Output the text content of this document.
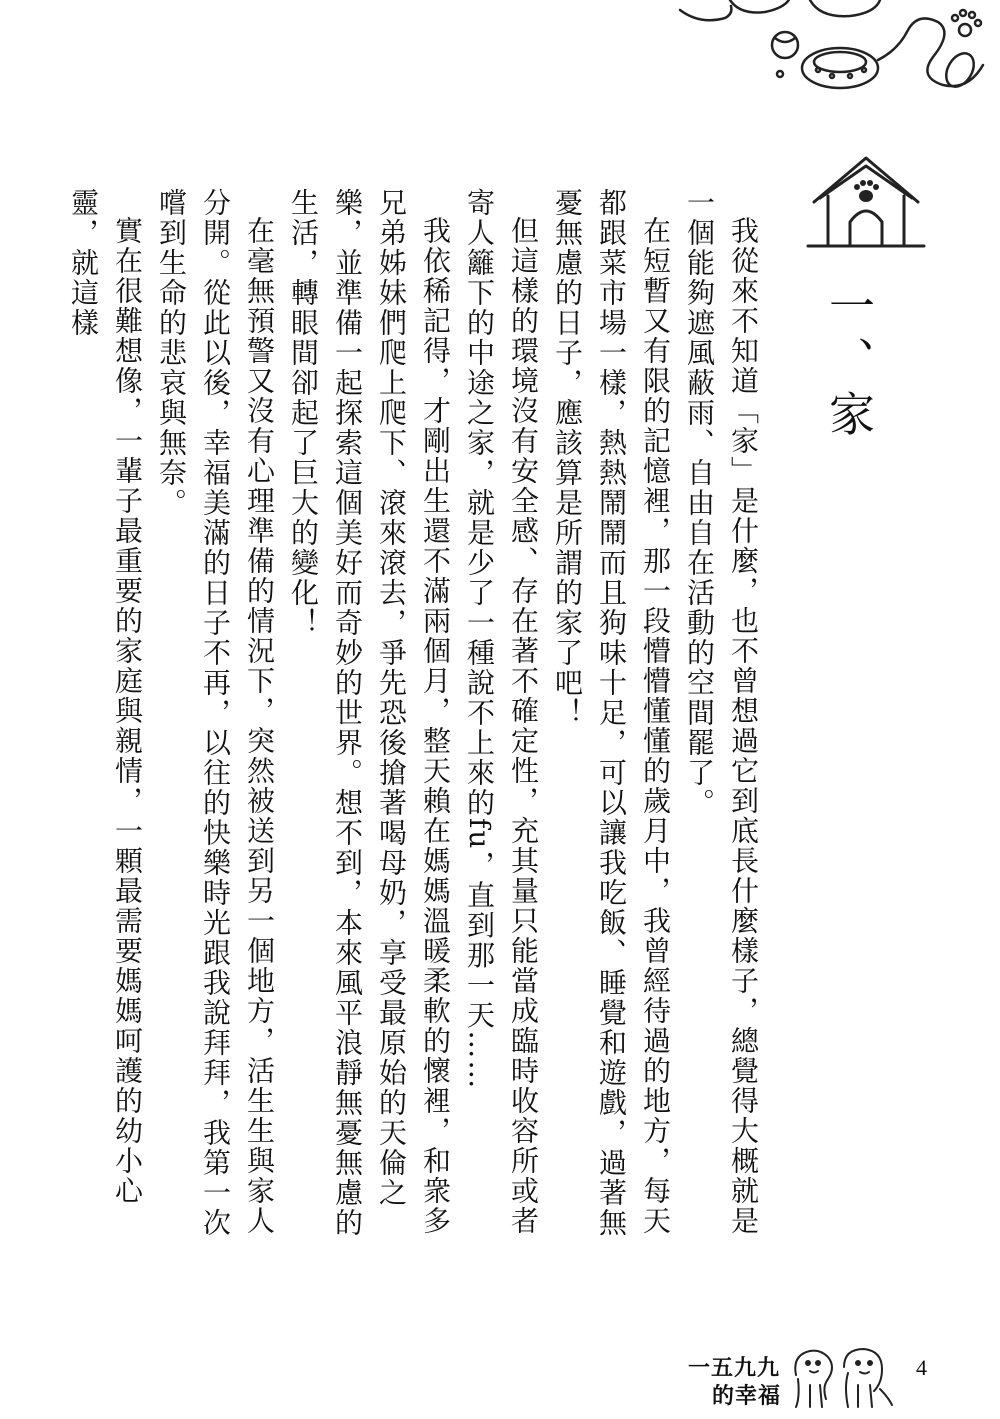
一、家

我從來不知道「家」是什麼，也不曾想過它到底長什麼樣子，總覺得大概就是一個能夠遮風蔽雨、自由自在活動的空間罷了。

在短暫又有限的記憶裡，那一段懵懵懂懂的歲月中，我曾經待過的地方，每天都跟菜市場一樣，熱熱鬧鬧而且狗味十足，可以讓我吃飯、睡覺和遊戲，過著無憂無慮的日子，應該算是所謂的家了吧！

但這樣的環境沒有安全感、存在著不確定性，充其量只能當成臨時收容所或者寄人籬下的中途之家，就是少了一種說不上來的fu，直到那一天……

我依稀記得，才剛出生還不滿兩個月，整天賴在媽媽溫暖柔軟的懷裡，和衆多兄弟姊妹們爬上爬下、滾來滾去，爭先恐後搶著喝母奶，享受最原始的天倫之樂，並準備一起探索這個美好而奇妙的世界。想不到，本來風平浪靜無憂無慮的生活，轉眼間卻起了巨大的變化！

在毫無預警又沒有心理準備的情況下，突然被送到另一個地方，活生生與家人分開。從此以後，幸福美滿的日子不再，以往的快樂時光跟我說拜拜，我第一次嚐到生命的悲哀與無奈。

實在很難想像，一輩子最重要的家庭與親情，一顆最需要媽媽呵護的幼小心靈，就這樣

一五九九
的幸福
4
